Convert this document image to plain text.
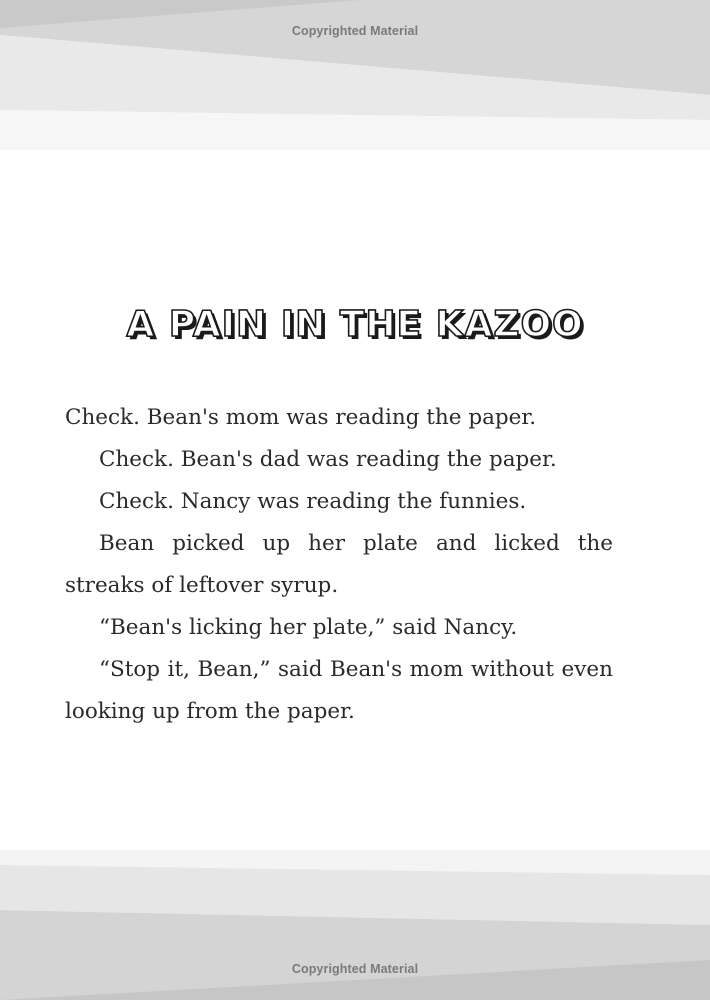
Copyrighted Material
A PAIN IN THE KAZOO

Check. Bean's mom was reading the paper.

Check. Bean's dad was reading the paper.

Check. Nancy was reading the funnies.

Bean picked up her plate and licked the streaks of leftover syrup.

“Bean's licking her plate,” said Nancy.

“Stop it, Bean,” said Bean's mom without even looking up from the paper.

Copyrighted Material
